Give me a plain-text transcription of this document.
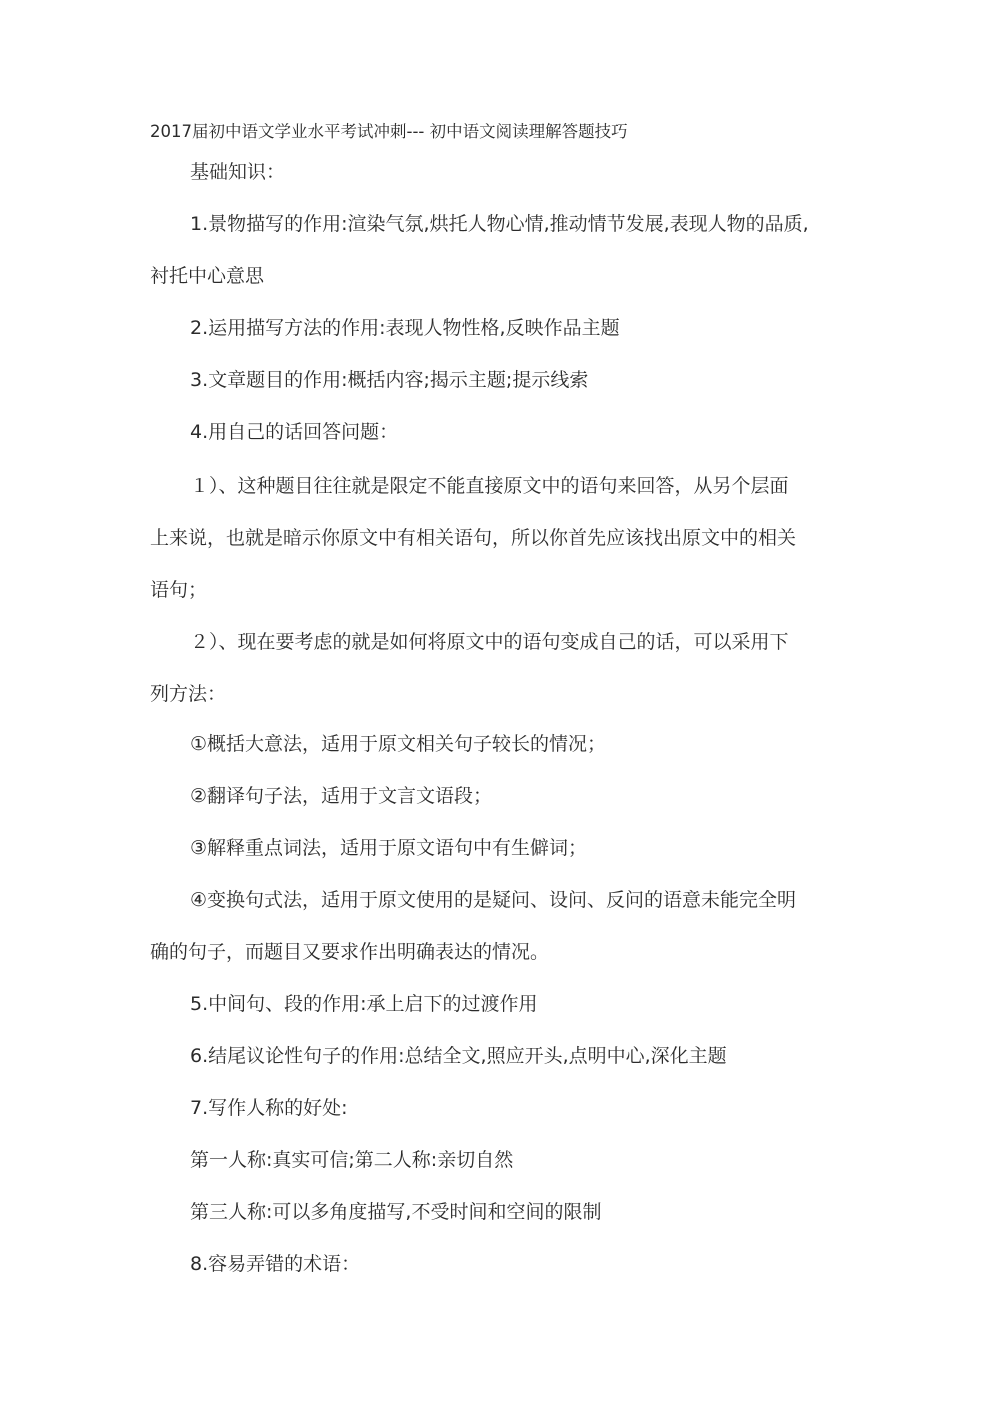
2017届初中语文学业水平考试冲刺--- 初中语文阅读理解答题技巧
基础知识：
1.景物描写的作用:渲染气氛,烘托人物心情,推动情节发展,表现人物的品质,
衬托中心意思
2.运用描写方法的作用:表现人物性格,反映作品主题
3.文章题目的作用:概括内容;揭示主题;提示线索
4.用自己的话回答问题：
１）、这种题目往往就是限定不能直接原文中的语句来回答，从另个层面
上来说，也就是暗示你原文中有相关语句，所以你首先应该找出原文中的相关
语句；
２）、现在要考虑的就是如何将原文中的语句变成自己的话，可以采用下
列方法：
①概括大意法，适用于原文相关句子较长的情况；
②翻译句子法，适用于文言文语段；
③解释重点词法，适用于原文语句中有生僻词；
④变换句式法，适用于原文使用的是疑问、设问、反问的语意未能完全明
确的句子，而题目又要求作出明确表达的情况。
5.中间句、段的作用:承上启下的过渡作用
6.结尾议论性句子的作用:总结全文,照应开头,点明中心,深化主题
7.写作人称的好处:
第一人称:真实可信;第二人称:亲切自然
第三人称:可以多角度描写,不受时间和空间的限制
8.容易弄错的术语：
